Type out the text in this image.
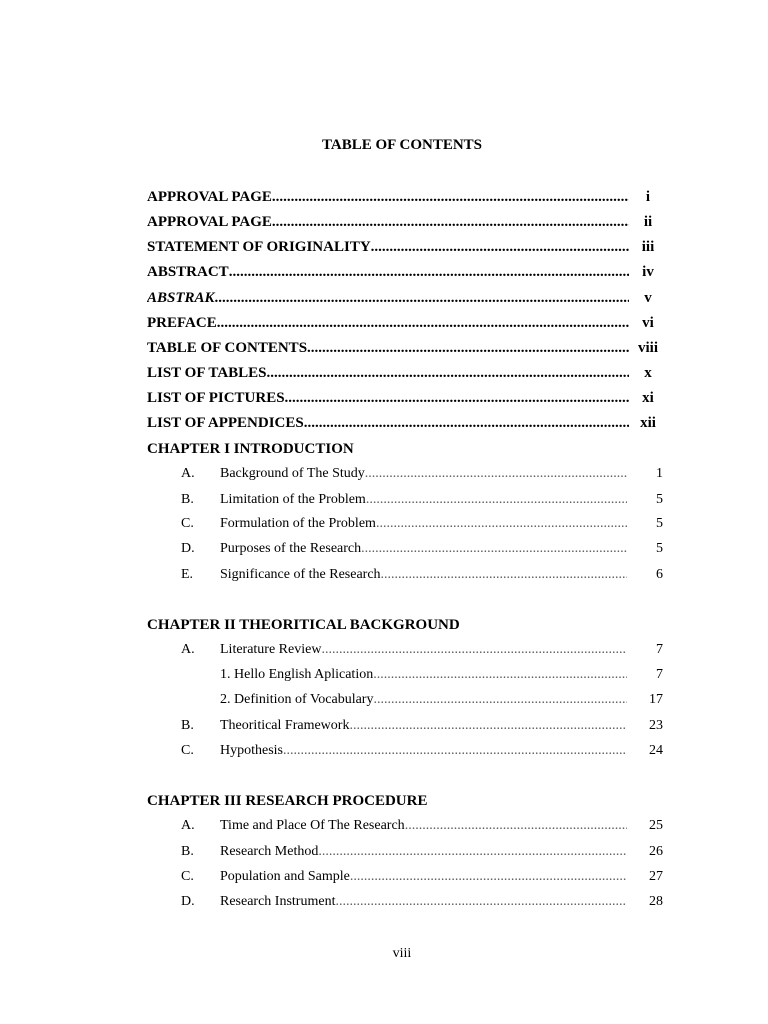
TABLE OF CONTENTS
APPROVAL PAGE .....	i
APPROVAL PAGE .....	ii
STATEMENT OF ORIGINALITY .....	iii
ABSTRACT .....	iv
ABSTRAK .....	v
PREFACE .....	vi
TABLE OF CONTENTS .....	viii
LIST OF TABLES .....	x
LIST OF PICTURES .....	xi
LIST OF APPENDICES .....	xii
CHAPTER I INTRODUCTION
A.	Background of The Study .....	1
B.	Limitation of the Problem .....	5
C.	Formulation of the Problem .....	5
D.	Purposes of the Research .....	5
E.	Significance of the Research .....	6
CHAPTER II THEORITICAL BACKGROUND
A.	Literature Review .....	7
1. Hello English Aplication .....	7
2. Definition of Vocabulary .....	17
B.	Theoritical Framework .....	23
C.	Hypothesis .....	24
CHAPTER III RESEARCH PROCEDURE
A.	Time and Place Of The Research .....	25
B.	Research Method .....	26
C.	Population and Sample .....	27
D.	Research Instrument .....	28
viii
